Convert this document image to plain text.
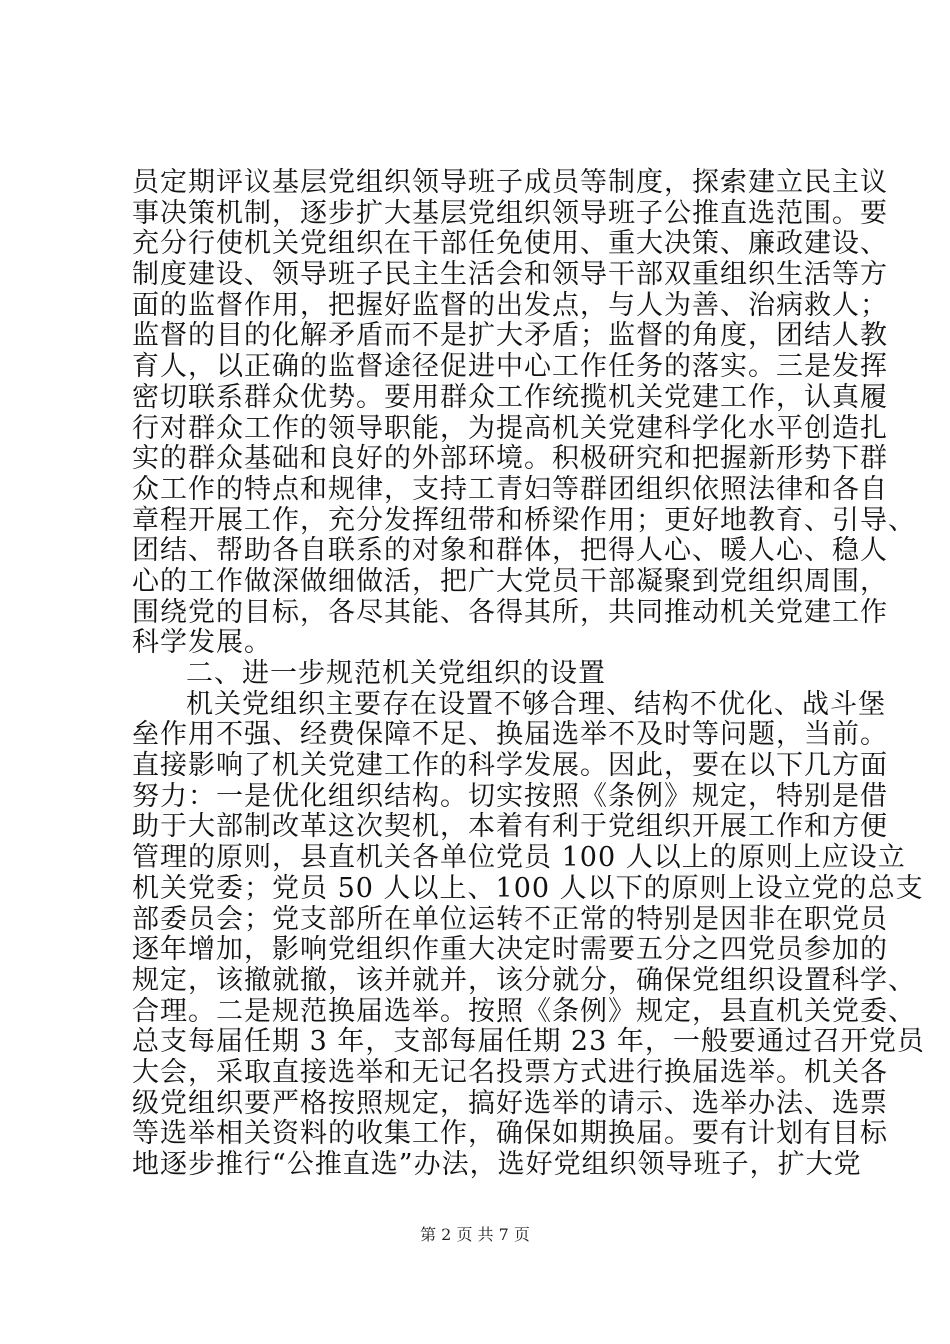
员定期评议基层党组织领导班子成员等制度，探索建立民主议
事决策机制，逐步扩大基层党组织领导班子公推直选范围。要
充分行使机关党组织在干部任免使用、重大决策、廉政建设、
制度建设、领导班子民主生活会和领导干部双重组织生活等方
面的监督作用，把握好监督的出发点，与人为善、治病救人；
监督的目的化解矛盾而不是扩大矛盾；监督的角度，团结人教
育人，以正确的监督途径促进中心工作任务的落实。三是发挥
密切联系群众优势。要用群众工作统揽机关党建工作，认真履
行对群众工作的领导职能，为提高机关党建科学化水平创造扎
实的群众基础和良好的外部环境。积极研究和把握新形势下群
众工作的特点和规律，支持工青妇等群团组织依照法律和各自
章程开展工作，充分发挥纽带和桥梁作用；更好地教育、引导、
团结、帮助各自联系的对象和群体，把得人心、暖人心、稳人
心的工作做深做细做活，把广大党员干部凝聚到党组织周围，
围绕党的目标，各尽其能、各得其所，共同推动机关党建工作
科学发展。
二、进一步规范机关党组织的设置
机关党组织主要存在设置不够合理、结构不优化、战斗堡
垒作用不强、经费保障不足、换届选举不及时等问题，当前。
直接影响了机关党建工作的科学发展。因此，要在以下几方面
努力：一是优化组织结构。切实按照《条例》规定，特别是借
助于大部制改革这次契机，本着有利于党组织开展工作和方便
管理的原则，县直机关各单位党员 100 人以上的原则上应设立
机关党委；党员 50 人以上、100 人以下的原则上设立党的总支
部委员会；党支部所在单位运转不正常的特别是因非在职党员
逐年增加，影响党组织作重大决定时需要五分之四党员参加的
规定，该撤就撤，该并就并，该分就分，确保党组织设置科学、
合理。二是规范换届选举。按照《条例》规定，县直机关党委、
总支每届任期 3 年，支部每届任期 23 年，一般要通过召开党员
大会，采取直接选举和无记名投票方式进行换届选举。机关各
级党组织要严格按照规定，搞好选举的请示、选举办法、选票
等选举相关资料的收集工作，确保如期换届。要有计划有目标
地逐步推行“公推直选”办法，选好党组织领导班子，扩大党
第 2 页 共 7 页
